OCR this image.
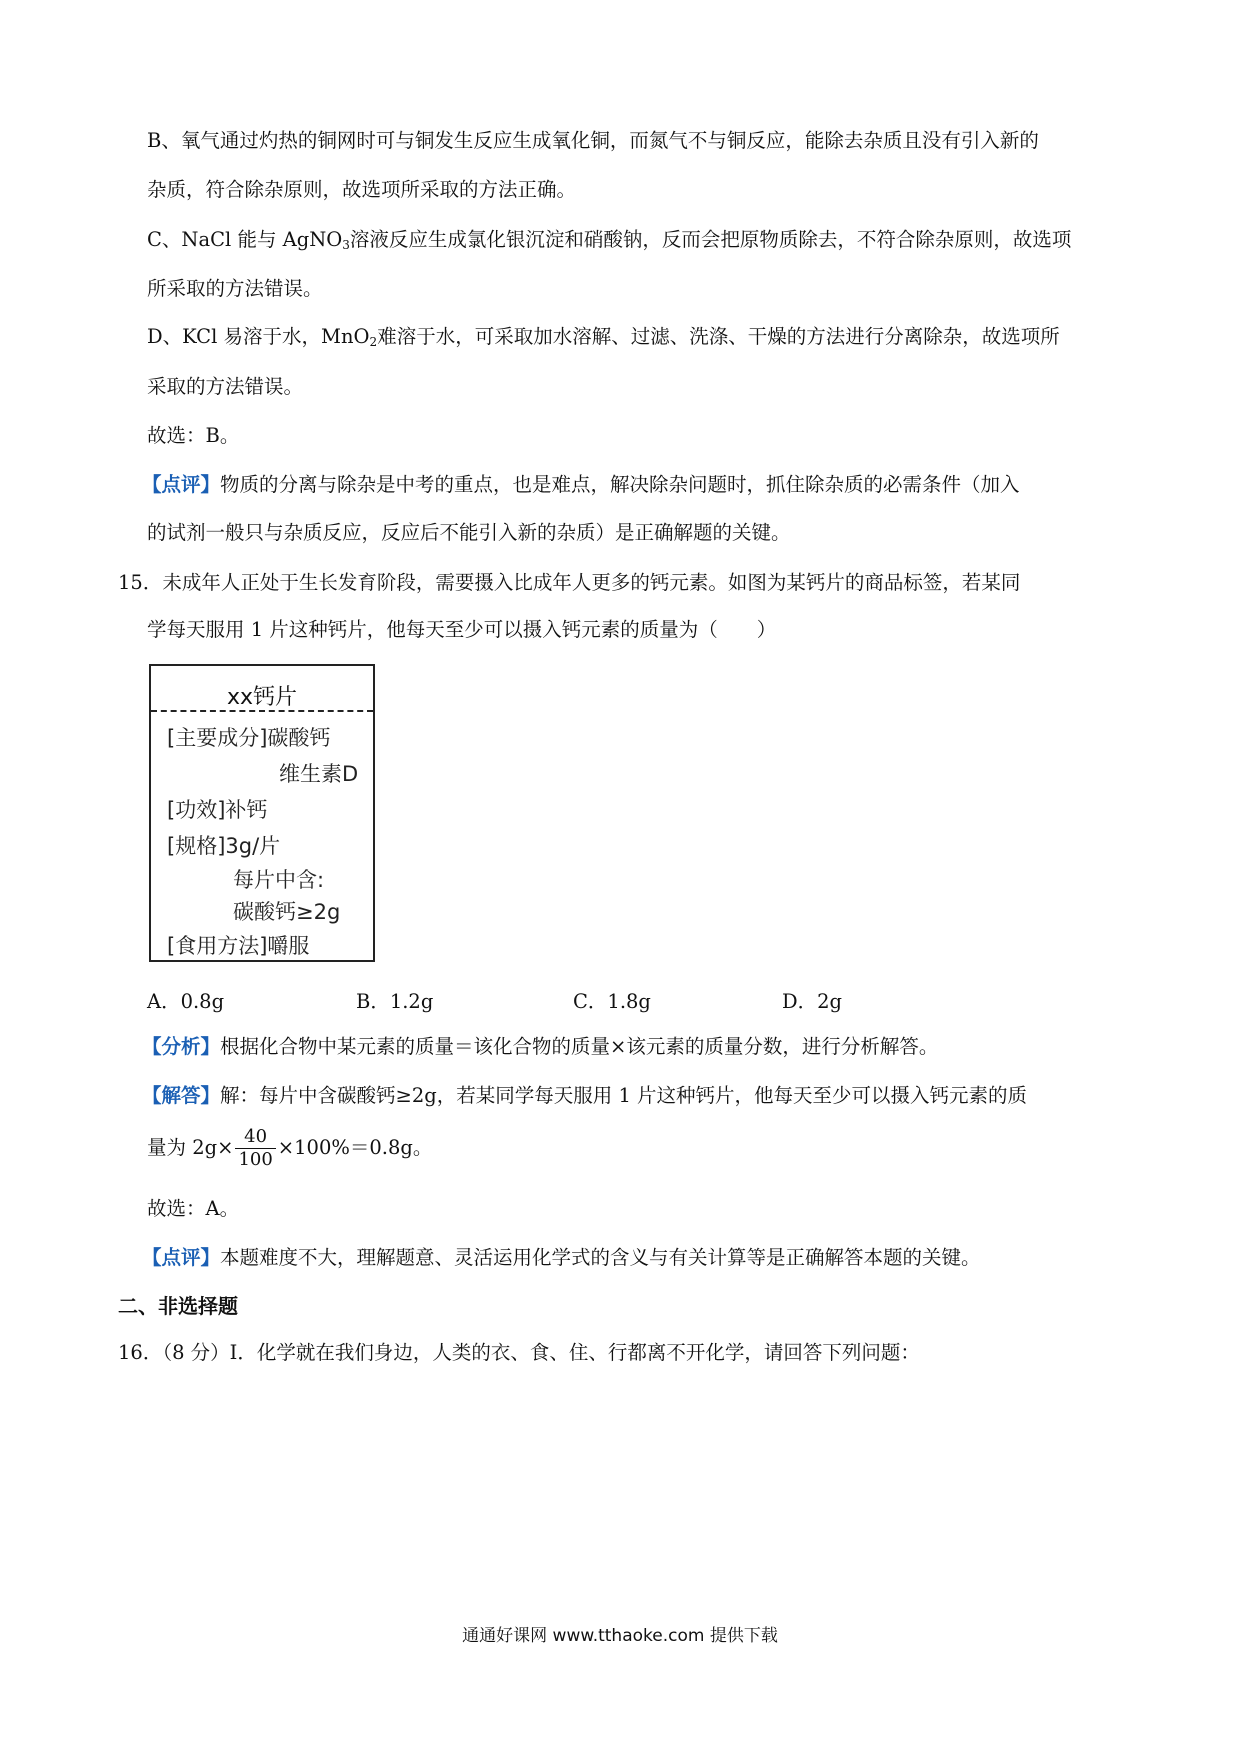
B、氧气通过灼热的铜网时可与铜发生反应生成氧化铜，而氮气不与铜反应，能除去杂质且没有引入新的
杂质，符合除杂原则，故选项所采取的方法正确。
C、NaCl 能与 AgNO$_3$溶液反应生成氯化银沉淀和硝酸钠，反而会把原物质除去，不符合除杂原则，故选项
所采取的方法错误。
D、KCl 易溶于水，MnO$_2$难溶于水，可采取加水溶解、过滤、洗涤、干燥的方法进行分离除杂，故选项所
采取的方法错误。
故选：B。
【点评】物质的分离与除杂是中考的重点，也是难点，解决除杂问题时，抓住除杂质的必需条件（加入
的试剂一般只与杂质反应，反应后不能引入新的杂质）是正确解题的关键。
15．未成年人正处于生长发育阶段，需要摄入比成年人更多的钙元素。如图为某钙片的商品标签，若某同
学每天服用 1 片这种钙片，他每天至少可以摄入钙元素的质量为（　　）
xx钙片
[主要成分]碳酸钙
维生素D
[功效]补钙
[规格]3g/片
每片中含:
碳酸钙≥2g
[食用方法]嚼服
A．0.8g	B．1.2g	C．1.8g	D．2g
【分析】根据化合物中某元素的质量＝该化合物的质量×该元素的质量分数，进行分析解答。
【解答】解：每片中含碳酸钙≥2g，若某同学每天服用 1 片这种钙片，他每天至少可以摄入钙元素的质
量为 $2g\times \frac{40}{100} \times 100\%=0.8g$。
故选：A。
【点评】本题难度不大，理解题意、灵活运用化学式的含义与有关计算等是正确解答本题的关键。
二、非选择题
16．（8 分）Ⅰ．化学就在我们身边，人类的衣、食、住、行都离不开化学，请回答下列问题：
通通好课网 www.tthaoke.com 提供下载
